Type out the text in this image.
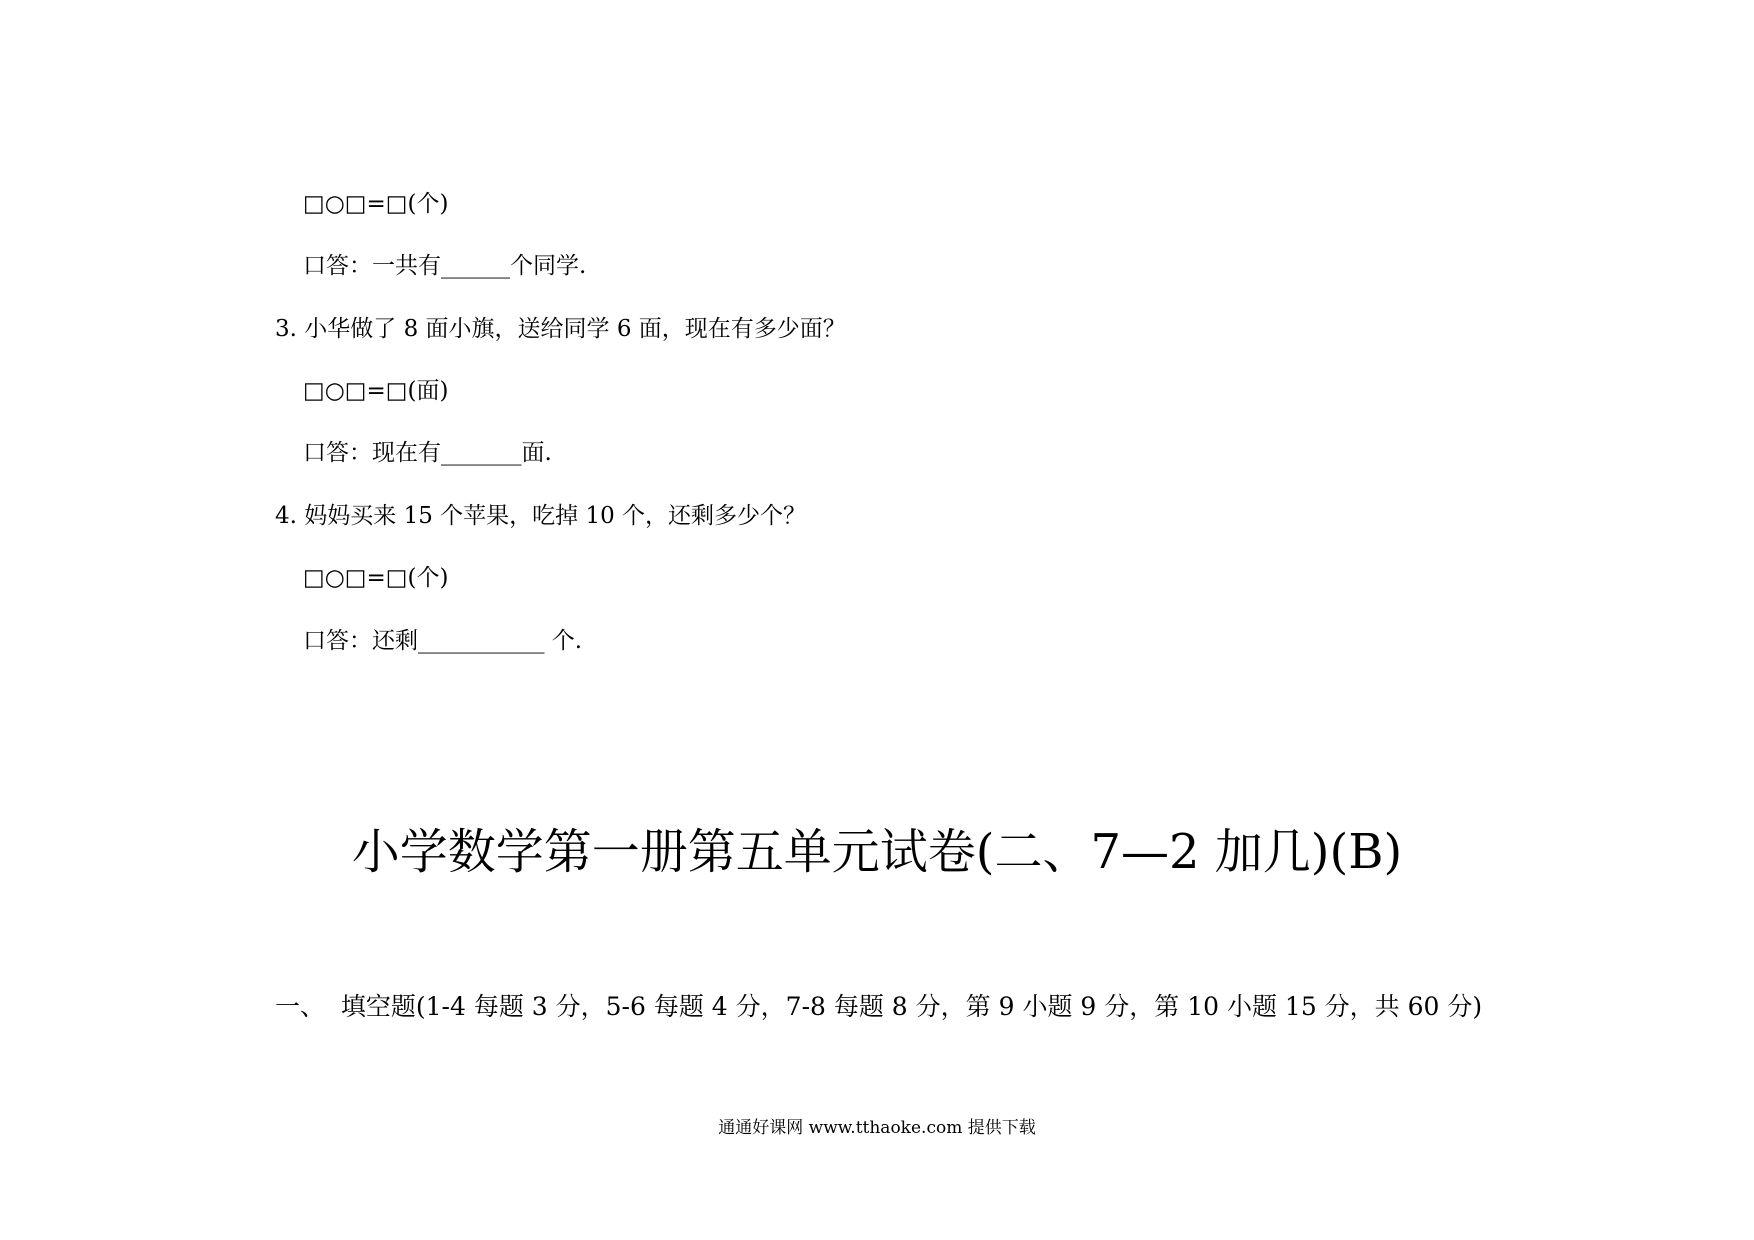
□○□=□(个)
口答：一共有______个同学.
3. 小华做了 8 面小旗，送给同学 6 面，现在有多少面？
□○□=□(面)
口答：现在有_______面.
4. 妈妈买来 15 个苹果，吃掉 10 个，还剩多少个？
□○□=□(个)
口答：还剩___________ 个.
小学数学第一册第五单元试卷(二、7—2 加几)(B)
一、  填空题(1-4 每题 3 分，5-6 每题 4 分，7-8 每题 8 分，第 9 小题 9 分，第 10 小题 15 分，共 60 分)
通通好课网 www.tthaoke.com 提供下载
